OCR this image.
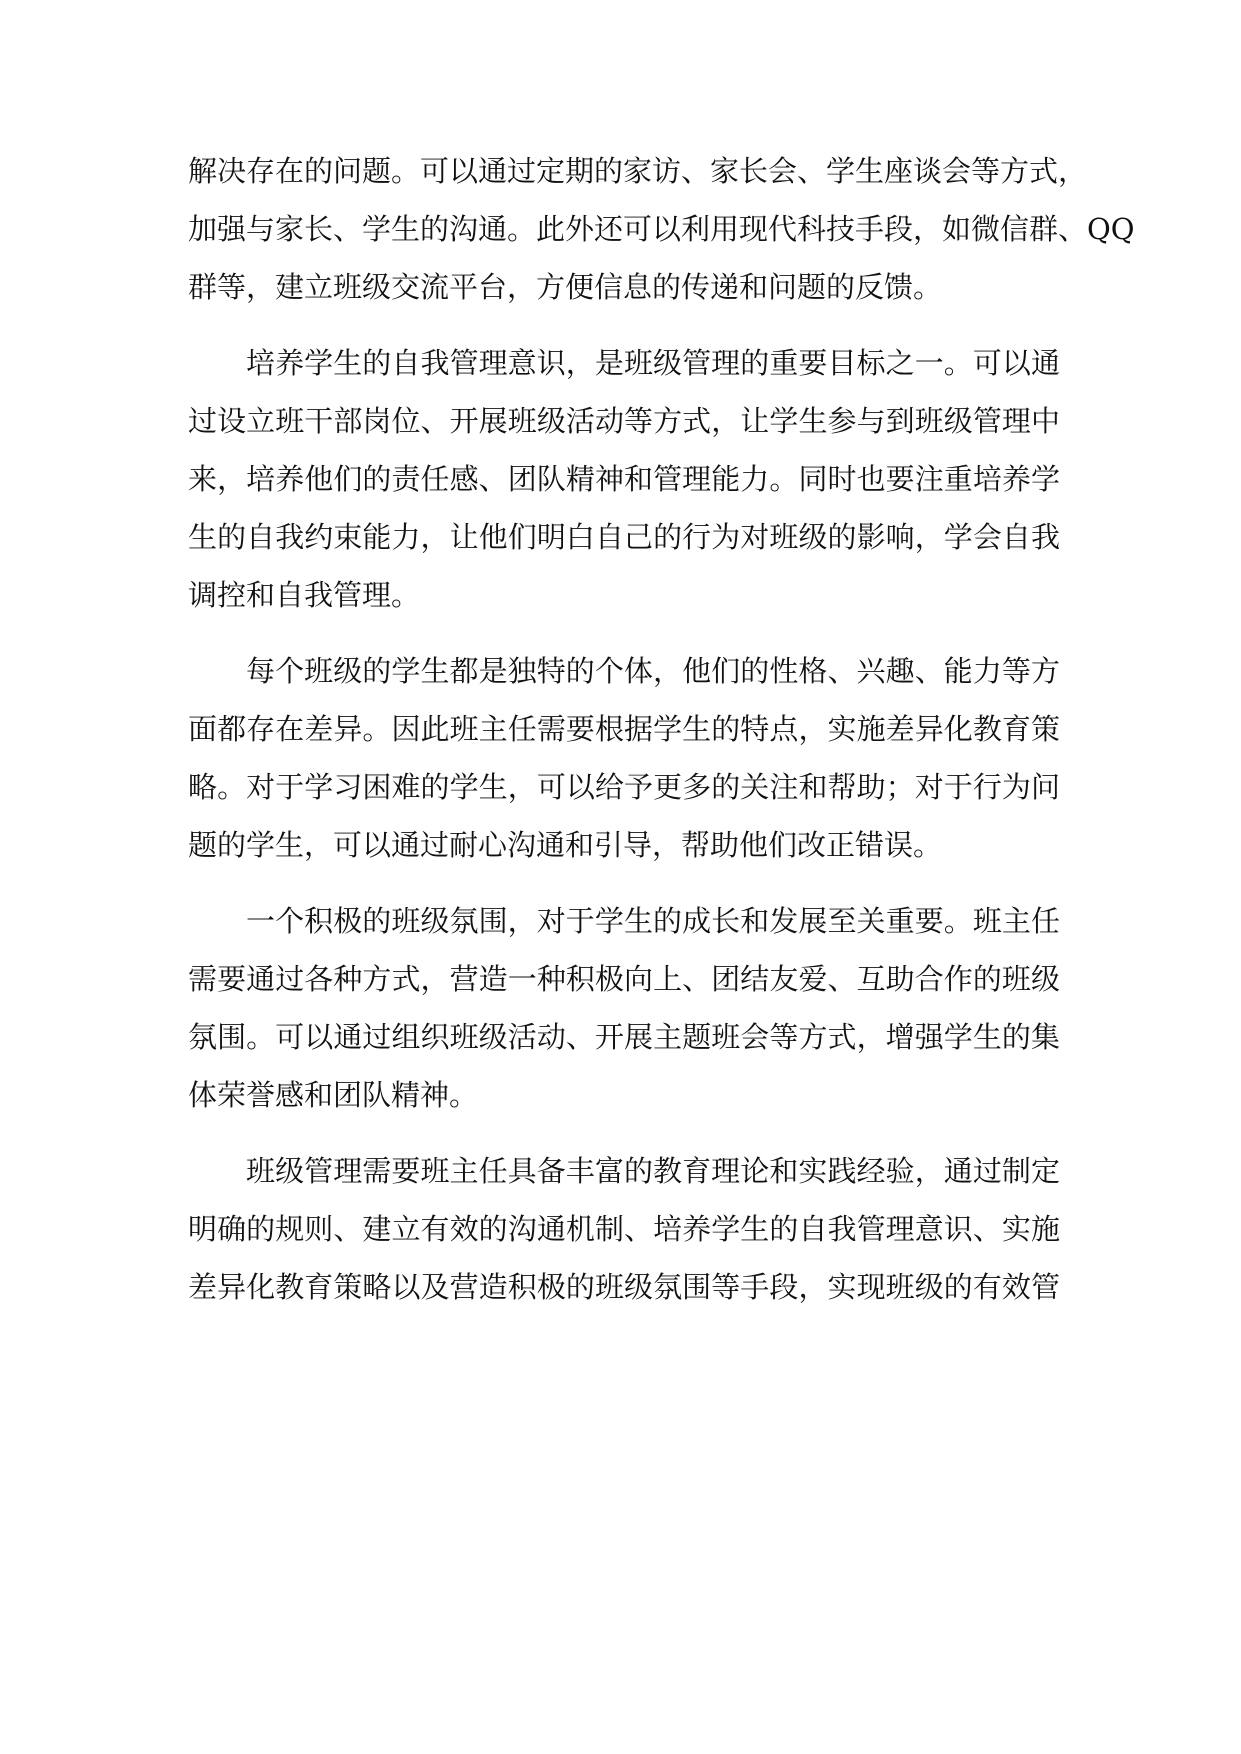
解决存在的问题。可以通过定期的家访、家长会、学生座谈会等方式，
加强与家长、学生的沟通。此外还可以利用现代科技手段，如微信群、QQ
群等，建立班级交流平台，方便信息的传递和问题的反馈。
培养学生的自我管理意识，是班级管理的重要目标之一。可以通
过设立班干部岗位、开展班级活动等方式，让学生参与到班级管理中
来，培养他们的责任感、团队精神和管理能力。同时也要注重培养学
生的自我约束能力，让他们明白自己的行为对班级的影响，学会自我
调控和自我管理。
每个班级的学生都是独特的个体，他们的性格、兴趣、能力等方
面都存在差异。因此班主任需要根据学生的特点，实施差异化教育策
略。对于学习困难的学生，可以给予更多的关注和帮助；对于行为问
题的学生，可以通过耐心沟通和引导，帮助他们改正错误。
一个积极的班级氛围，对于学生的成长和发展至关重要。班主任
需要通过各种方式，营造一种积极向上、团结友爱、互助合作的班级
氛围。可以通过组织班级活动、开展主题班会等方式，增强学生的集
体荣誉感和团队精神。
班级管理需要班主任具备丰富的教育理论和实践经验，通过制定
明确的规则、建立有效的沟通机制、培养学生的自我管理意识、实施
差异化教育策略以及营造积极的班级氛围等手段，实现班级的有效管
